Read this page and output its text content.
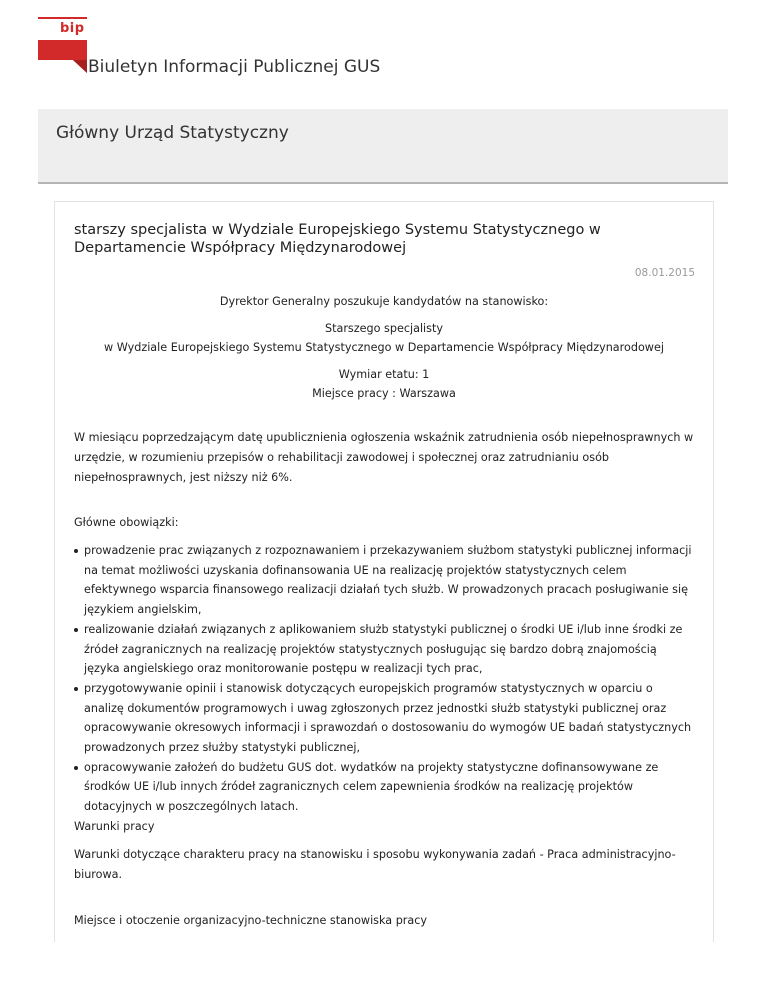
bip
Biuletyn Informacji Publicznej GUS
Główny Urząd Statystyczny
starszy specjalista w Wydziale Europejskiego Systemu Statystycznego w Departamencie Współpracy Międzynarodowej
08.01.2015

Dyrektor Generalny poszukuje kandydatów na stanowisko:

Starszego specjalisty

w Wydziale Europejskiego Systemu Statystycznego w Departamencie Współpracy Międzynarodowej

Wymiar etatu: 1

Miejsce pracy : Warszawa

W miesiącu poprzedzającym datę upublicznienia ogłoszenia wskaźnik zatrudnienia osób niepełnosprawnych w urzędzie, w rozumieniu przepisów o rehabilitacji zawodowej i społecznej oraz zatrudnianiu osób niepełnosprawnych, jest niższy niż 6%.

Główne obowiązki:

prowadzenie prac związanych z rozpoznawaniem i przekazywaniem służbom statystyki publicznej informacji na temat możliwości uzyskania dofinansowania UE na realizację projektów statystycznych celem efektywnego wsparcia finansowego realizacji działań tych służb. W prowadzonych pracach posługiwanie się językiem angielskim,
realizowanie działań związanych z aplikowaniem służb statystyki publicznej o środki UE i/lub inne środki ze źródeł zagranicznych na realizację projektów statystycznych posługując się bardzo dobrą znajomością języka angielskiego oraz monitorowanie postępu w realizacji tych prac,
przygotowywanie opinii i stanowisk dotyczących europejskich programów statystycznych w oparciu o analizę dokumentów programowych i uwag zgłoszonych przez jednostki służb statystyki publicznej oraz opracowywanie okresowych informacji i sprawozdań o dostosowaniu do wymogów UE badań statystycznych prowadzonych przez służby statystyki publicznej,
opracowywanie założeń do budżetu GUS dot. wydatków na projekty statystyczne dofinansowywane ze środków UE i/lub innych źródeł zagranicznych celem zapewnienia środków na realizację projektów dotacyjnych w poszczególnych latach.

Warunki pracy

Warunki dotyczące charakteru pracy na stanowisku i sposobu wykonywania zadań - Praca administracyjno-biurowa.

Miejsce i otoczenie organizacyjno-techniczne stanowiska pracy
